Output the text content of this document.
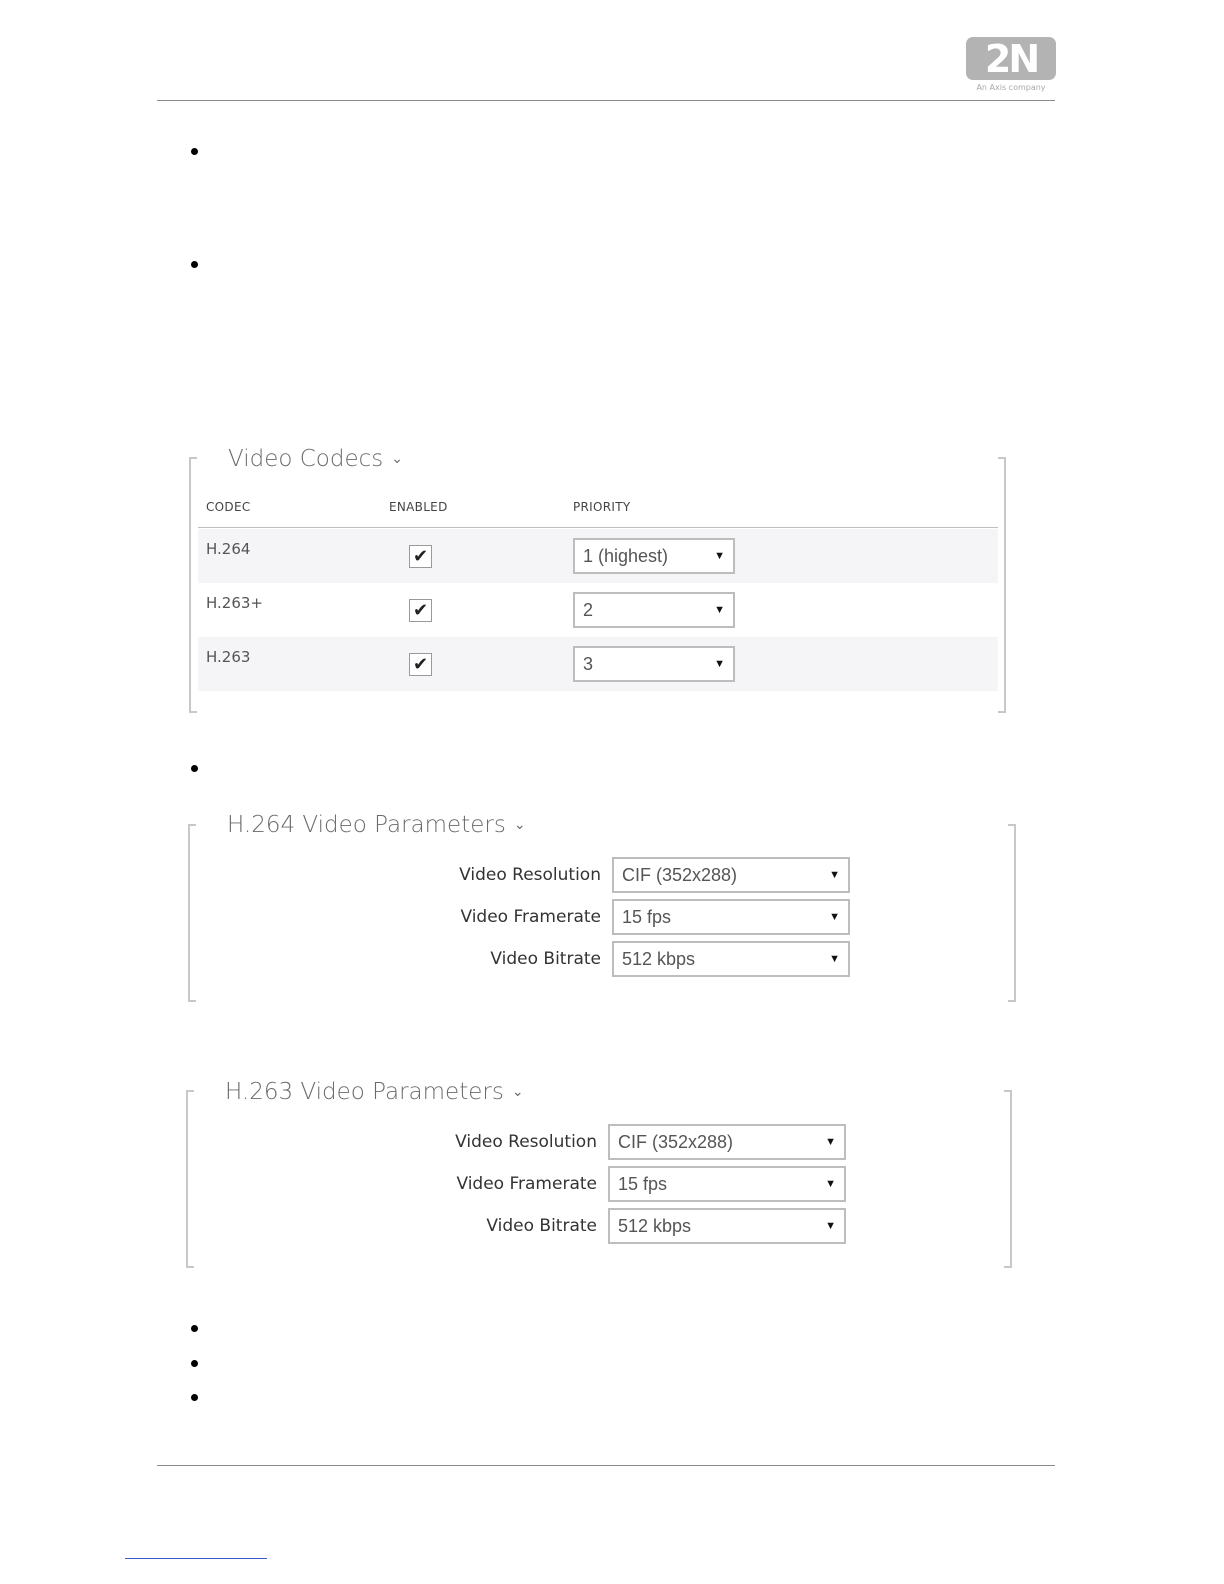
2N
An Axis company
Video Codecs ⌄
CODEC	ENABLED	PRIORITY
H.264	✔	1 (highest)	▼
H.263+	✔	2	▼
H.263	✔	3	▼
H.264 Video Parameters ⌄
Video Resolution CIF (352x288)	▼
Video Framerate 15 fps	▼
Video Bitrate 512 kbps	▼
H.263 Video Parameters ⌄
Video Resolution CIF (352x288)	▼
Video Framerate 15 fps	▼
Video Bitrate 512 kbps	▼
